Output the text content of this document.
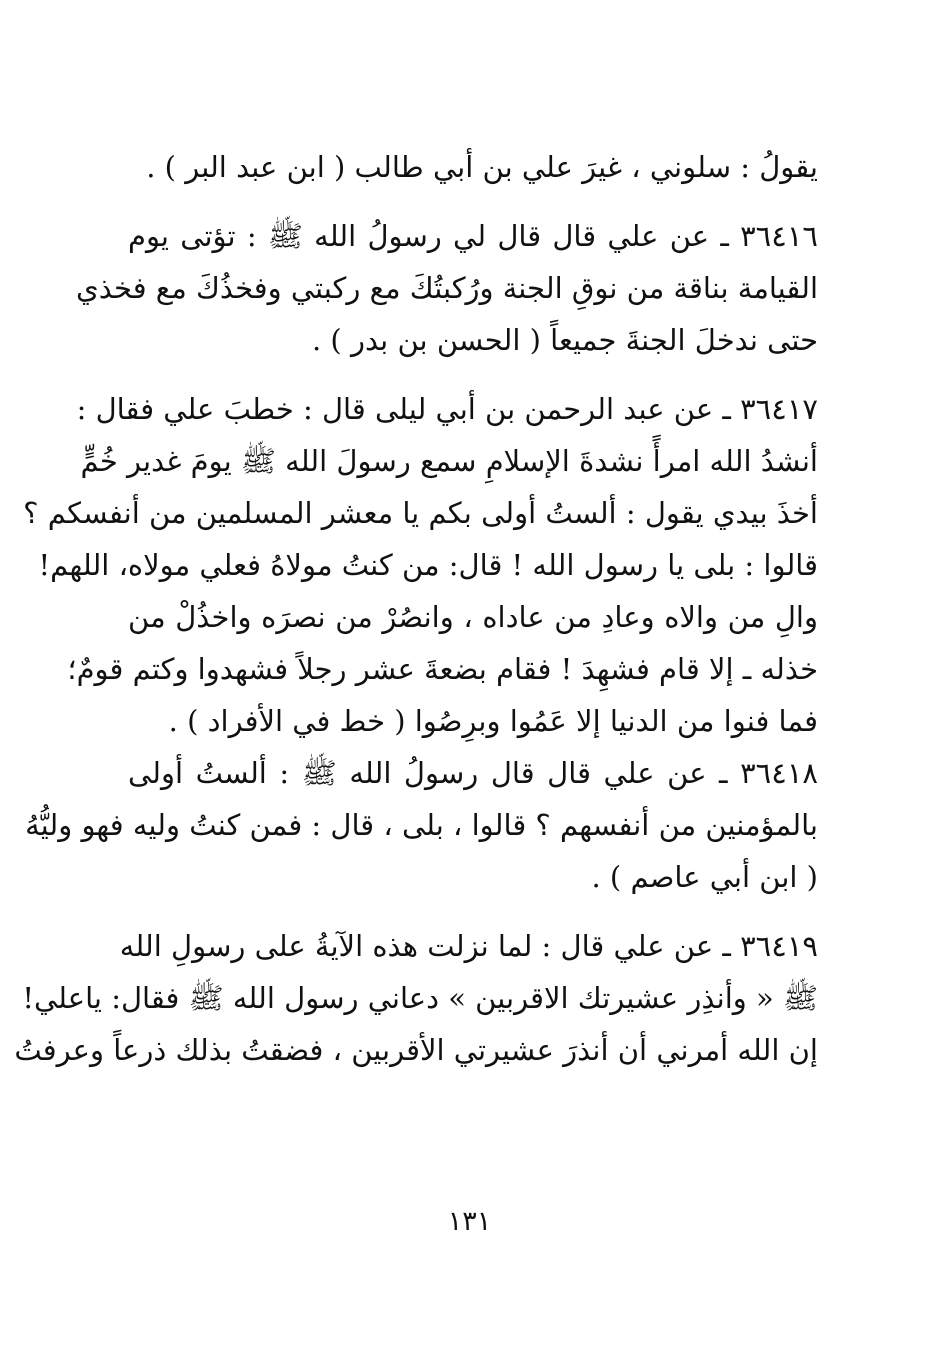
يقولُ : سلوني ، غيرَ علي بن أبي طالب ( ابن عبد البر ) .
٣٦٤١٦ ـ عن علي قال قال لي رسولُ الله ﷺ : تؤتى يوم
القيامة بناقة من نوقِ الجنة ورُكبتُكَ مع ركبتي وفخذُكَ مع فخذي
حتى ندخلَ الجنةَ جميعاً ( الحسن بن بدر ) .
٣٦٤١٧ ـ عن عبد الرحمن بن أبي ليلى قال : خطبَ علي فقال :
أنشدُ الله امرأً نشدةَ الإسلامِ سمع رسولَ الله ﷺ يومَ غدير خُمٍّ
أخذَ بيدي يقول : ألستُ أولى بكم يا معشر المسلمين من أنفسكم ؟
قالوا : بلى يا رسول الله ! قال: من كنتُ مولاهُ فعلي مولاه، اللهم!
والِ من والاه وعادِ من عاداه ، وانصُرْ من نصرَه واخذُلْ من
خذله ـ إلا قام فشهِدَ ! فقام بضعةَ عشر رجلاً فشهدوا وكتم قومٌ؛
فما فنوا من الدنيا إلا عَمُوا وبرِصُوا ( خط في الأفراد ) .
٣٦٤١٨ ـ عن علي قال قال رسولُ الله ﷺ : ألستُ أولى
بالمؤمنين من أنفسهم ؟ قالوا ، بلى ، قال : فمن كنتُ وليه فهو وليُّهُ
( ابن أبي عاصم ) .
٣٦٤١٩ ـ عن علي قال : لما نزلت هذه الآيةُ على رسولِ الله
ﷺ « وأنذِر عشيرتك الاقربين » دعاني رسول الله ﷺ فقال: ياعلي!
إن الله أمرني أن أنذرَ عشيرتي الأقربين ، فضقتُ بذلك ذرعاً وعرفتُ
١٣١
